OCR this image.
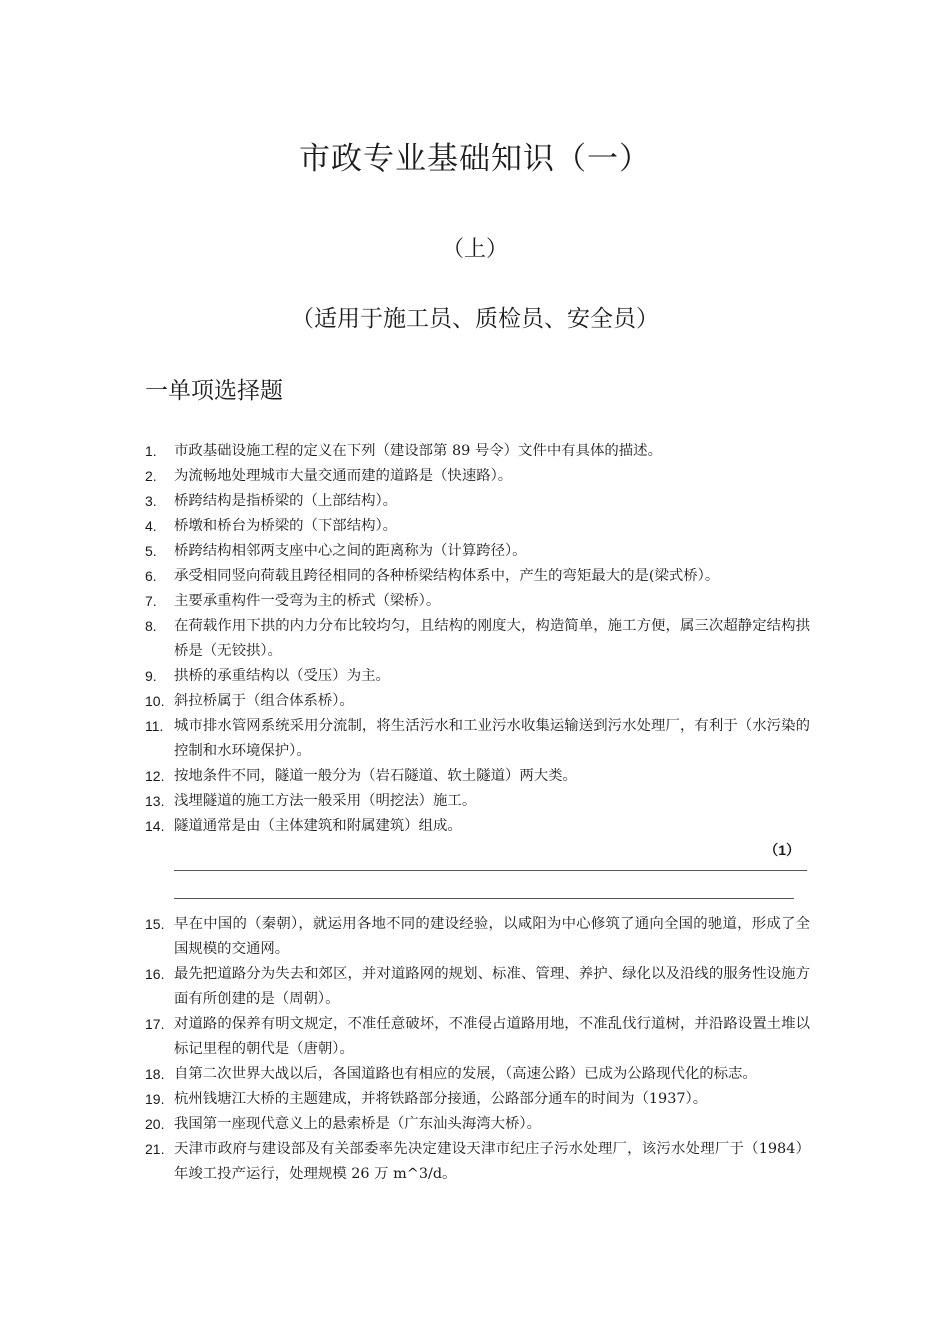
市政专业基础知识（一）
（上）
（适用于施工员、质检员、安全员）
一单项选择题
1. 市政基础设施工程的定义在下列（建设部第 89 号令）文件中有具体的描述。
2. 为流畅地处理城市大量交通而建的道路是（快速路）。
3. 桥跨结构是指桥梁的（上部结构）。
4. 桥墩和桥台为桥梁的（下部结构）。
5. 桥跨结构相邻两支座中心之间的距离称为（计算跨径）。
6. 承受相同竖向荷载且跨径相同的各种桥梁结构体系中，产生的弯矩最大的是(梁式桥）。
7. 主要承重构件一受弯为主的桥式（梁桥）。
8. 在荷载作用下拱的内力分布比较均匀，且结构的刚度大，构造简单，施工方便，属三次超静定结构拱桥是（无铰拱）。
9. 拱桥的承重结构以（受压）为主。
10. 斜拉桥属于（组合体系桥）。
11. 城市排水管网系统采用分流制，将生活污水和工业污水收集运输送到污水处理厂，有利于（水污染的控制和水环境保护）。
12. 按地条件不同，隧道一般分为（岩石隧道、软土隧道）两大类。
13. 浅埋隧道的施工方法一般采用（明挖法）施工。
14. 隧道通常是由（主体建筑和附属建筑）组成。
（1）
15. 早在中国的（秦朝），就运用各地不同的建设经验，以咸阳为中心修筑了通向全国的驰道，形成了全国规模的交通网。
16. 最先把道路分为失去和郊区，并对道路网的规划、标准、管理、养护、绿化以及沿线的服务性设施方面有所创建的是（周朝）。
17. 对道路的保养有明文规定，不准任意破坏，不准侵占道路用地，不准乱伐行道树，并沿路设置土堆以标记里程的朝代是（唐朝）。
18. 自第二次世界大战以后，各国道路也有相应的发展，（高速公路）已成为公路现代化的标志。
19. 杭州钱塘江大桥的主题建成，并将铁路部分接通，公路部分通车的时间为（1937）。
20. 我国第一座现代意义上的悬索桥是（广东汕头海湾大桥）。
21. 天津市政府与建设部及有关部委率先决定建设天津市纪庄子污水处理厂，该污水处理厂于（1984）年竣工投产运行，处理规模 26 万 m^3/d。
